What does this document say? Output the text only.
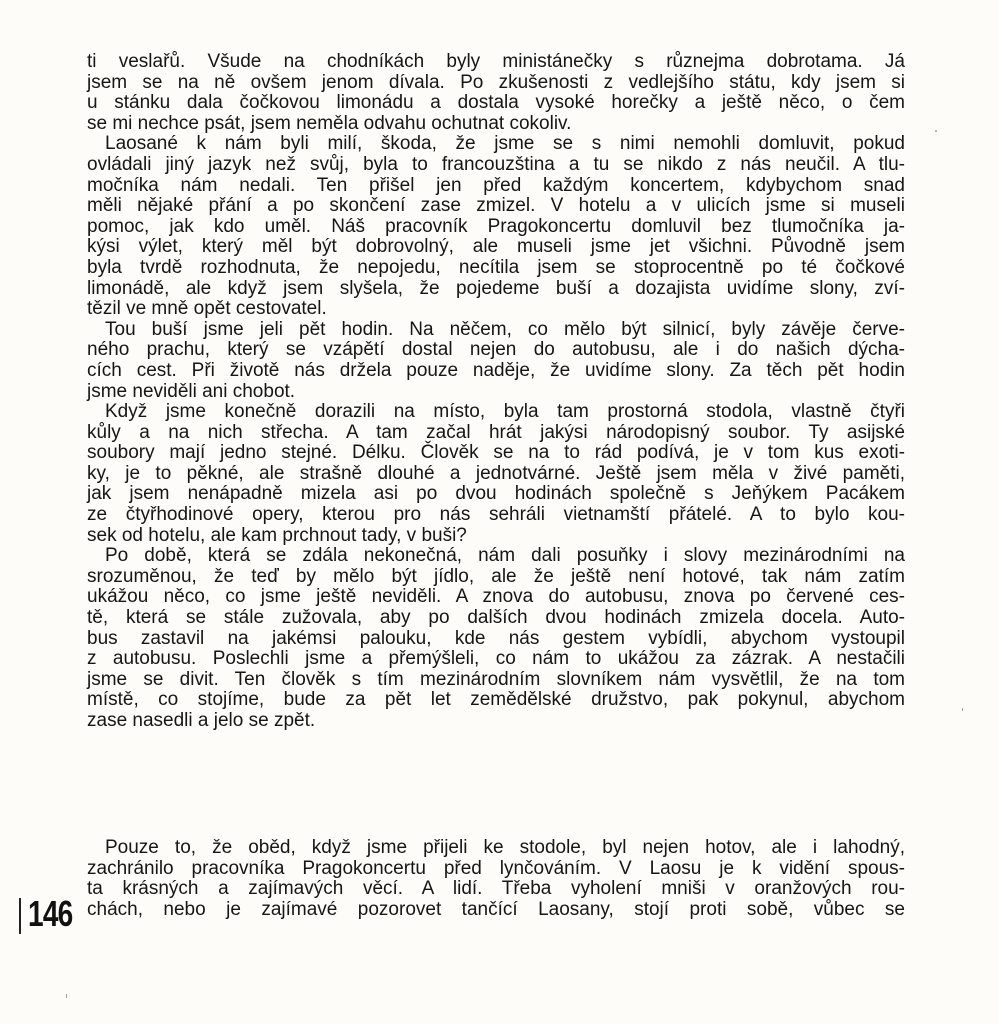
ti veslařů. Všude na chodníkách byly ministánečky s různejma dobrotama. Já
jsem se na ně ovšem jenom dívala. Po zkušenosti z vedlejšího státu, kdy jsem si
u stánku dala čočkovou limonádu a dostala vysoké horečky a ještě něco, o čem
se mi nechce psát, jsem neměla odvahu ochutnat cokoliv.

Laosané k nám byli milí, škoda, že jsme se s nimi nemohli domluvit, pokud
ovládali jiný jazyk než svůj, byla to francouzština a tu se nikdo z nás neučil. A tlu-
močníka nám nedali. Ten přišel jen před každým koncertem, kdybychom snad
měli nějaké přání a po skončení zase zmizel. V hotelu a v ulicích jsme si museli
pomoc, jak kdo uměl. Náš pracovník Pragokoncertu domluvil bez tlumočníka ja-
kýsi výlet, který měl být dobrovolný, ale museli jsme jet všichni. Původně jsem
byla tvrdě rozhodnuta, že nepojedu, necítila jsem se stoprocentně po té čočkové
limonádě, ale když jsem slyšela, že pojedeme buší a dozajista uvidíme slony, zví-
tězil ve mně opět cestovatel.

Tou buší jsme jeli pět hodin. Na něčem, co mělo být silnicí, byly závěje červe-
ného prachu, který se vzápětí dostal nejen do autobusu, ale i do našich dýcha-
cích cest. Při životě nás držela pouze naděje, že uvidíme slony. Za těch pět hodin
jsme neviděli ani chobot.

Když jsme konečně dorazili na místo, byla tam prostorná stodola, vlastně čtyři
kůly a na nich střecha. A tam začal hrát jakýsi národopisný soubor. Ty asijské
soubory mají jedno stejné. Délku. Člověk se na to rád podívá, je v tom kus exoti-
ky, je to pěkné, ale strašně dlouhé a jednotvárné. Ještě jsem měla v živé paměti,
jak jsem nenápadně mizela asi po dvou hodinách společně s Jeňýkem Pacákem
ze čtyřhodinové opery, kterou pro nás sehráli vietnamští přátelé. A to bylo kou-
sek od hotelu, ale kam prchnout tady, v buši?

Po době, která se zdála nekonečná, nám dali posuňky i slovy mezinárodními na
srozuměnou, že teď by mělo být jídlo, ale že ještě není hotové, tak nám zatím
ukážou něco, co jsme ještě neviděli. A znova do autobusu, znova po červené ces-
tě, která se stále zužovala, aby po dalších dvou hodinách zmizela docela. Auto-
bus zastavil na jakémsi palouku, kde nás gestem vybídli, abychom vystoupil
z autobusu. Poslechli jsme a přemýšleli, co nám to ukážou za zázrak. A nestačili
jsme se divit. Ten člověk s tím mezinárodním slovníkem nám vysvětlil, že na tom
místě, co stojíme, bude za pět let zemědělské družstvo, pak pokynul, abychom
zase nasedli a jelo se zpět.

Pouze to, že oběd, když jsme přijeli ke stodole, byl nejen hotov, ale i lahodný,
zachránilo pracovníka Pragokoncertu před lynčováním. V Laosu je k vidění spous-
ta krásných a zajímavých věcí. A lidí. Třeba vyholení mniši v oranžových rou-
chách, nebo je zajímavé pozorovet tančící Laosany, stojí proti sobě, vůbec se

146
